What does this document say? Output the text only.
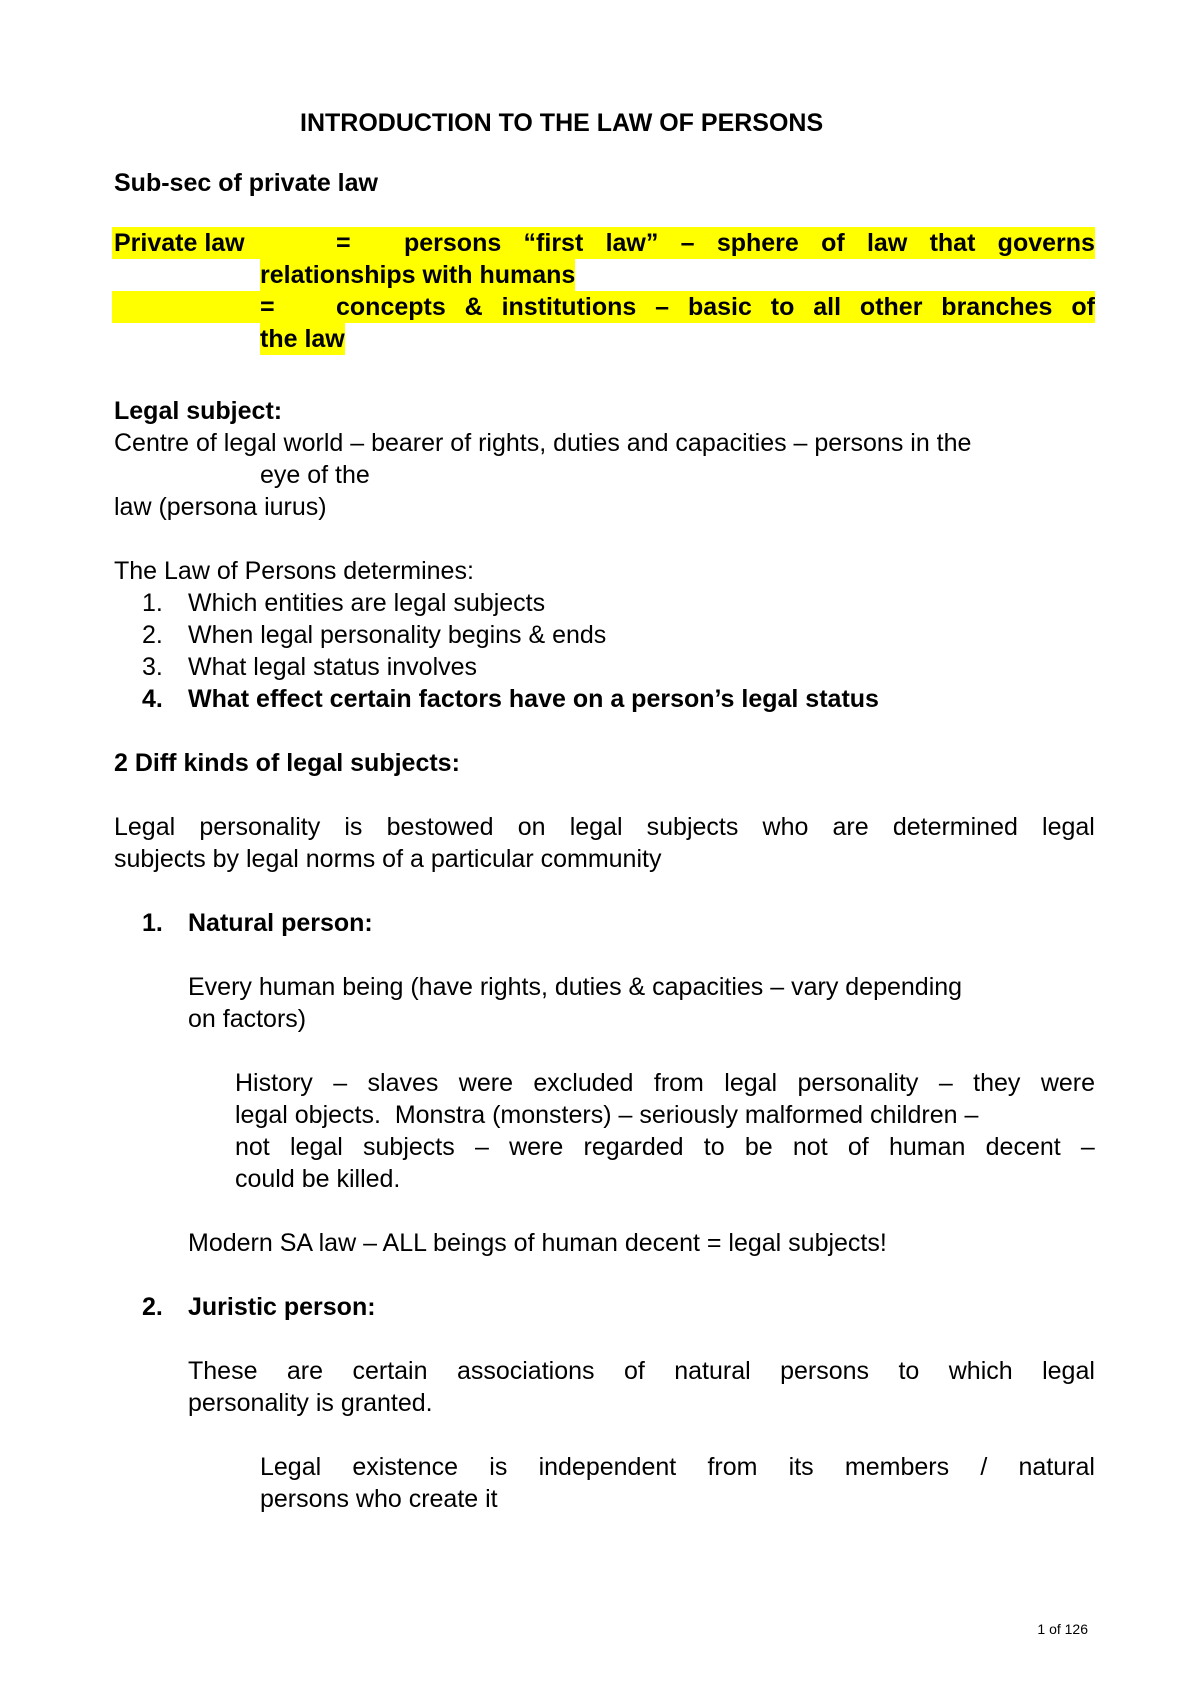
INTRODUCTION TO THE LAW OF PERSONS
Sub-sec of private law
Private law	= persons “first law” – sphere of law that governs
relationships with humans
= concepts & institutions – basic to all other branches of
the law
Legal subject:
Centre of legal world – bearer of rights, duties and capacities – persons in the
eye of the
law (persona iurus)
The Law of Persons determines:
1. Which entities are legal subjects
2. When legal personality begins & ends
3. What legal status involves
4. What effect certain factors have on a person’s legal status
2 Diff kinds of legal subjects:
Legal personality is bestowed on legal subjects who are determined legal
subjects by legal norms of a particular community
1. Natural person:
Every human being (have rights, duties & capacities – vary depending
on factors)
History – slaves were excluded from legal personality – they were
legal objects.  Monstra (monsters) – seriously malformed children –
not legal subjects – were regarded to be not of human decent –
could be killed.
Modern SA law – ALL beings of human decent = legal subjects!
2. Juristic person:
These are certain associations of natural persons to which legal
personality is granted.
Legal existence is independent from its members / natural
persons who create it
1 of 126
